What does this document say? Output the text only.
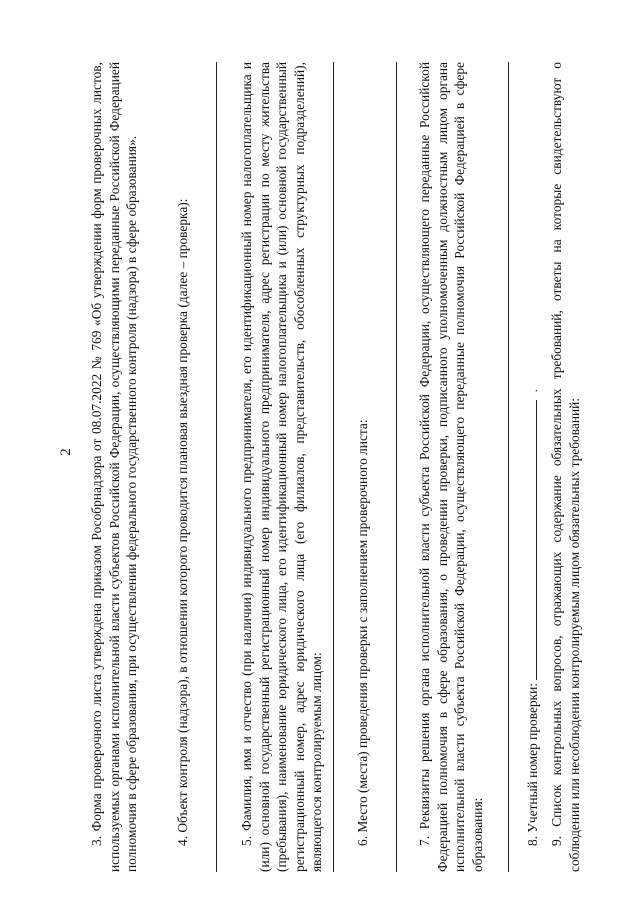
2 3. Форма проверочного листа утверждена приказом Рособрнадзора от 08.07.2022 № 769 «Об утверждении форм проверочных листов, используемых органами исполнительной власти субъектов Российской Федерации, осуществляющими переданные Российской Федерацией полномочия в сфере образования, при осуществлении федерального государственного контроля (надзора) в сфере образования».	4. Объект контроля (надзора), в отношении которого проводится плановая выездная проверка (далее – проверка):	5. Фамилия, имя и отчество (при наличии) индивидуального предпринимателя, его идентификационный номер налогоплательщика и (или) основной государственный регистрационный номер индивидуального предпринимателя, адрес регистрации по месту жительства (пребывания), наименование юридического лица, его идентификационный номер налогоплательщика и (или) основной государственный регистрационный номер, адрес юридического лица (его филиалов, представительств, обособленных структурных подразделений), являющегося контролируемым лицом: 6. Место (места) проведения проверки с заполнением проверочного листа:	7. Реквизиты решения органа исполнительной власти субъекта Российской Федерации, осуществляющего переданные Российской Федерацией полномочия в сфере образования, о проведении проверки, подписанного уполномоченным должностным лицом органа исполнительной власти субъекта Российской Федерации, осуществляющего переданные полномочия Российской Федерацией в сфере образования:	8. Учетный номер проверки:  . 9. Список контрольных вопросов, отражающих содержание обязательных требований, ответы на которые свидетельствуют о соблюдении или несоблюдении контролируемым лицом обязательных требований:
